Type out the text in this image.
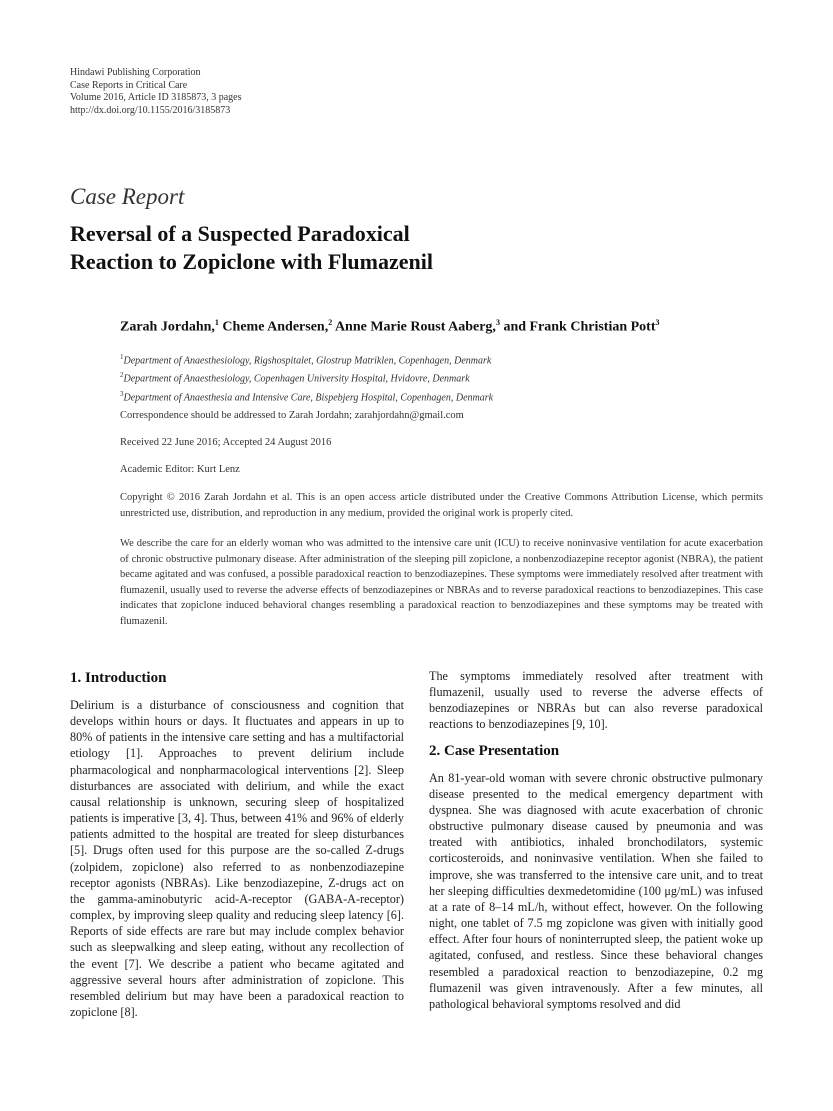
Hindawi Publishing Corporation
Case Reports in Critical Care
Volume 2016, Article ID 3185873, 3 pages
http://dx.doi.org/10.1155/2016/3185873
Case Report
Reversal of a Suspected Paradoxical
Reaction to Zopiclone with Flumazenil
Zarah Jordahn,$^1$ Cheme Andersen,$^2$ Anne Marie Roust Aaberg,$^3$ and Frank Christian Pott$^3$
$^1$Department of Anaesthesiology, Rigshospitalet, Glostrup Matriklen, Copenhagen, Denmark
$^2$Department of Anaesthesiology, Copenhagen University Hospital, Hvidovre, Denmark
$^3$Department of Anaesthesia and Intensive Care, Bispebjerg Hospital, Copenhagen, Denmark
Correspondence should be addressed to Zarah Jordahn; zarahjordahn@gmail.com
Received 22 June 2016; Accepted 24 August 2016
Academic Editor: Kurt Lenz
Copyright © 2016 Zarah Jordahn et al. This is an open access article distributed under the Creative Commons Attribution License, which permits unrestricted use, distribution, and reproduction in any medium, provided the original work is properly cited.
We describe the care for an elderly woman who was admitted to the intensive care unit (ICU) to receive noninvasive ventilation for acute exacerbation of chronic obstructive pulmonary disease. After administration of the sleeping pill zopiclone, a nonbenzodiazepine receptor agonist (NBRA), the patient became agitated and was confused, a possible paradoxical reaction to benzodiazepines. These symptoms were immediately resolved after treatment with flumazenil, usually used to reverse the adverse effects of benzodiazepines or NBRAs and to reverse paradoxical reactions to benzodiazepines. This case indicates that zopiclone induced behavioral changes resembling a paradoxical reaction to benzodiazepines and these symptoms may be treated with flumazenil.
1. Introduction

Delirium is a disturbance of consciousness and cognition that develops within hours or days. It fluctuates and appears in up to 80% of patients in the intensive care setting and has a multifactorial etiology [1]. Approaches to prevent delirium include pharmacological and nonpharmacological interventions [2]. Sleep disturbances are associated with delirium, and while the exact causal relationship is unknown, securing sleep of hospitalized patients is imperative [3, 4]. Thus, between 41% and 96% of elderly patients admitted to the hospital are treated for sleep disturbances [5]. Drugs often used for this purpose are the so-called Z-drugs (zolpidem, zopiclone) also referred to as nonbenzodiazepine receptor agonists (NBRAs). Like benzodiazepine, Z-drugs act on the gamma-aminobutyric acid-A-receptor (GABA-A-receptor) complex, by improving sleep quality and reducing sleep latency [6]. Reports of side effects are rare but may include complex behavior such as sleepwalking and sleep eating, without any recollection of the event [7]. We describe a patient who became agitated and aggressive several hours after administration of zopiclone. This resembled delirium but may have been a paradoxical reaction to zopiclone [8].

The symptoms immediately resolved after treatment with flumazenil, usually used to reverse the adverse effects of benzodiazepines or NBRAs but can also reverse paradoxical reactions to benzodiazepines [9, 10].

2. Case Presentation

An 81-year-old woman with severe chronic obstructive pulmonary disease presented to the medical emergency department with dyspnea. She was diagnosed with acute exacerbation of chronic obstructive pulmonary disease caused by pneumonia and was treated with antibiotics, inhaled bronchodilators, systemic corticosteroids, and noninvasive ventilation. When she failed to improve, she was transferred to the intensive care unit, and to treat her sleeping difficulties dexmedetomidine (100 μg/mL) was infused at a rate of 8–14 mL/h, without effect, however. On the following night, one tablet of 7.5 mg zopiclone was given with initially good effect. After four hours of noninterrupted sleep, the patient woke up agitated, confused, and restless. Since these behavioral changes resembled a paradoxical reaction to benzodiazepine, 0.2 mg flumazenil was given intravenously. After a few minutes, all pathological behavioral symptoms resolved and did
